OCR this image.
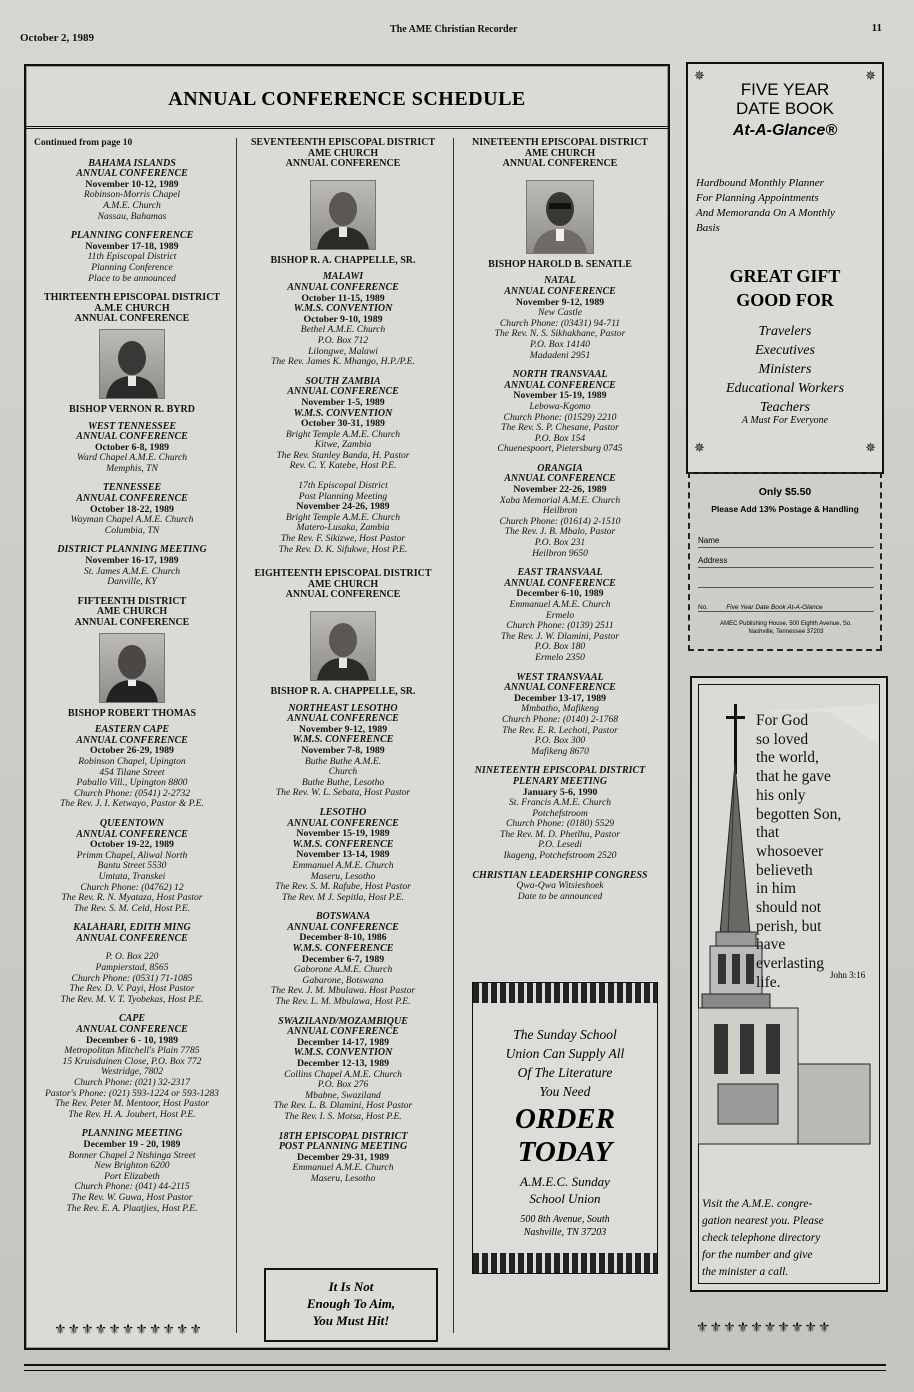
October 2, 1989
The AME Christian Recorder	11
ANNUAL CONFERENCE SCHEDULE
Continued from page 10
BAHAMA ISLANDS
ANNUAL CONFERENCE
November 10-12, 1989
Robinson-Morris Chapel
A.M.E. Church
Nassau, Bahamas
PLANNING CONFERENCE
November 17-18, 1989
11th Episcopal District
Planning Conference
Place to be announced
THIRTEENTH EPISCOPAL DISTRICT
A.M.E CHURCH
ANNUAL CONFERENCE
BISHOP VERNON R. BYRD
WEST TENNESSEE
ANNUAL CONFERENCE
October 6-8, 1989
Ward Chapel A.M.E. Church
Memphis, TN
TENNESSEE
ANNUAL CONFERENCE
October 18-22, 1989
Wayman Chapel A.M.E. Church
Columbia, TN
DISTRICT PLANNING MEETING
November 16-17, 1989
St. James A.M.E. Church
Danville, KY
FIFTEENTH DISTRICT
AME CHURCH
ANNUAL CONFERENCE
BISHOP ROBERT THOMAS
EASTERN CAPE
ANNUAL CONFERENCE
October 26-29, 1989
Robinson Chapel, Upington
454 Tilane Street
Paballo Vill., Upington 8800
Church Phone: (0541) 2-2732
The Rev. J. I. Ketwayo, Pastor & P.E.
QUEENTOWN
ANNUAL CONFERENCE
October 19-22, 1989
Primm Chapel, Aliwal North
Bantu Street 5530
Umtata, Transkei
Church Phone: (04762) 12
The Rev. R. N. Myataza, Host Pastor
The Rev. S. M. Celd, Host P.E.
KALAHARI, EDITH MING
ANNUAL CONFERENCE
P. O. Box 220
Pampierstad, 8565
Church Phone: (0531) 71-1085
The Rev. D. V. Payi, Host Pastor
The Rev. M. V. T. Tyobekas, Host P.E.
CAPE
ANNUAL CONFERENCE
December 6 - 10, 1989
Metropolitan Mitchell's Plain 7785
15 Kruisduinen Close, P.O. Box 772
Westridge, 7802
Church Phone: (021) 32-2317
Pastor's Phone: (021) 593-1224 or 593-1283
The Rev. Peter M. Mentoor, Host Pastor
The Rev. H. A. Joubert, Host P.E.
PLANNING MEETING
December 19 - 20, 1989
Bonner Chapel 2 Ntshinga Street
New Brighton 6200
Port Elizabeth
Church Phone: (041) 44-2115
The Rev. W. Guwa, Host Pastor
The Rev. E. A. Plaatjies, Host P.E.
⚜⚜⚜⚜⚜⚜⚜⚜⚜⚜⚜
SEVENTEENTH EPISCOPAL DISTRICT
AME CHURCH
ANNUAL CONFERENCE
BISHOP R. A. CHAPPELLE, SR.
MALAWI
ANNUAL CONFERENCE
October 11-15, 1989
W.M.S. CONVENTION
October 9-10, 1989
Bethel A.M.E. Church
P.O. Box 712
Lilongwe, Malawi
The Rev. James K. Mhango, H.P./P.E.
SOUTH ZAMBIA
ANNUAL CONFERENCE
November 1-5, 1989
W.M.S. CONVENTION
October 30-31, 1989
Bright Temple A.M.E. Church
Kitwe, Zambia
The Rev. Stanley Banda, H. Pastor
Rev. C. Y. Katebe, Host P.E.
17th Episcopal District
Post Planning Meeting
November 24-26, 1989
Bright Temple A.M.E. Church
Matero-Lusaka, Zambia
The Rev. F. Sikizwe, Host Pastor
The Rev. D. K. Sifukwe, Host P.E.
EIGHTEENTH EPISCOPAL DISTRICT
AME CHURCH
ANNUAL CONFERENCE
BISHOP R. A. CHAPPELLE, SR.
NORTHEAST LESOTHO
ANNUAL CONFERENCE
November 9-12, 1989
W.M.S. CONFERENCE
November 7-8, 1989
Buthe Buthe A.M.E.
Church
Buthe Buthe, Lesotho
The Rev. W. L. Sebata, Host Pastor
LESOTHO
ANNUAL CONFERENCE
November 15-19, 1989
W.M.S. CONFERENCE
November 13-14, 1989
Emmanuel A.M.E. Church
Maseru, Lesotho
The Rev. S. M. Rafube, Host Pastor
The Rev. M J. Sepitla, Host P.E.
BOTSWANA
ANNUAL CONFERENCE
December 8-10, 1986
W.M.S. CONFERENCE
December 6-7, 1989
Gaborone A.M.E. Church
Gabarone, Botswana
The Rev. J. M. Mbulawa. Host Pastor
The Rev. L. M. Mbulawa, Host P.E.
SWAZILAND/MOZAMBIQUE
ANNUAL CONFERENCE
December 14-17, 1989
W.M.S. CONVENTION
December 12-13, 1989
Collins Chapel A.M.E. Church
P.O. Box 276
Mbabne, Swaziland
The Rev. L. B. Dlamini, Host Pastor
The Rev. I. S. Motsa, Host P.E.
18TH EPISCOPAL DISTRICT
POST PLANNING MEETING
December 29-31, 1989
Emmanuel A.M.E. Church
Maseru, Lesotho
It Is Not
Enough To Aim,
You Must Hit!
NINETEENTH EPISCOPAL DISTRICT
AME CHURCH
ANNUAL CONFERENCE
BISHOP HAROLD B. SENATLE
NATAL
ANNUAL CONFERENCE
November 9-12, 1989
New Castle
Church Phone: (03431) 94-711
The Rev. N. S. Sikhakhane, Pastor
P.O. Box 14140
Madadeni 2951
NORTH TRANSVAAL
ANNUAL CONFERENCE
November 15-19, 1989
Lebowa-Kgomo
Church Phone: (01529) 2210
The Rev. S. P. Chesane, Pastor
P.O. Box 154
Chuenespoort, Pietersburg 0745
ORANGIA
ANNUAL CONFERENCE
November 22-26, 1989
Xaba Memorial A.M.E. Church
Heilbron
Church Phone: (01614) 2-1510
The Rev. J. B. Mbalo, Pastor
P.O. Box 231
Heilbron 9650
EAST TRANSVAAL
ANNUAL CONFERENCE
December 6-10, 1989
Emmanuel A.M.E. Church
Ermelo
Church Phone: (0139) 2511
The Rev. J. W. Dlamini, Pastor
P.O. Box 180
Ermelo 2350
WEST TRANSVAAL
ANNUAL CONFERENCE
December 13-17, 1989
Mmbatho, Mafikeng
Church Phone: (0140) 2-1768
The Rev. E. R. Lechoti, Pastor
P.O. Box 300
Mafikeng 8670
NINETEENTH EPISCOPAL DISTRICT
PLENARY MEETING
January 5-6, 1990
St. Francis A.M.E. Church
Potchefstroom
Church Phone: (0180) 5529
The Rev. M. D. Phetlhu, Pastor
P.O. Lesedi
Ikageng, Potchefstroom 2520
CHRISTIAN LEADERSHIP CONGRESS
Qwa-Qwa Witsieshoek
Date to be announced
The Sunday School
Union Can Supply All
Of The Literature
You Need
ORDER
TODAY
A.M.E.C. Sunday
School Union
500 8th Avenue, South
Nashville, TN 37203
✵	✵
FIVE YEAR
DATE BOOK
At-A-Glance®
Hardbound Monthly Planner
For Planning Appointments
And Memoranda On A Monthly
Basis
GREAT GIFT
GOOD FOR
Travelers
Executives
Ministers
Educational Workers
Teachers
A Must For Everyone
✵	✵
Only $5.50
Please Add 13% Postage & Handling
Name
Address
No.	Five Year Date Book At-A-Glance
AMEC Publishing House, 500 Eighth Avenue, So.
Nashville, Tennessee 37203
For God
so loved
the world,
that he gave
his only
begotten Son,
that
whosoever
believeth
in him
should not
perish, but
have
everlasting
life.	John 3:16
Visit the A.M.E. congre-
gation nearest you. Please
check telephone directory
for the number and give
the minister a call.
⚜⚜⚜⚜⚜⚜⚜⚜⚜⚜
